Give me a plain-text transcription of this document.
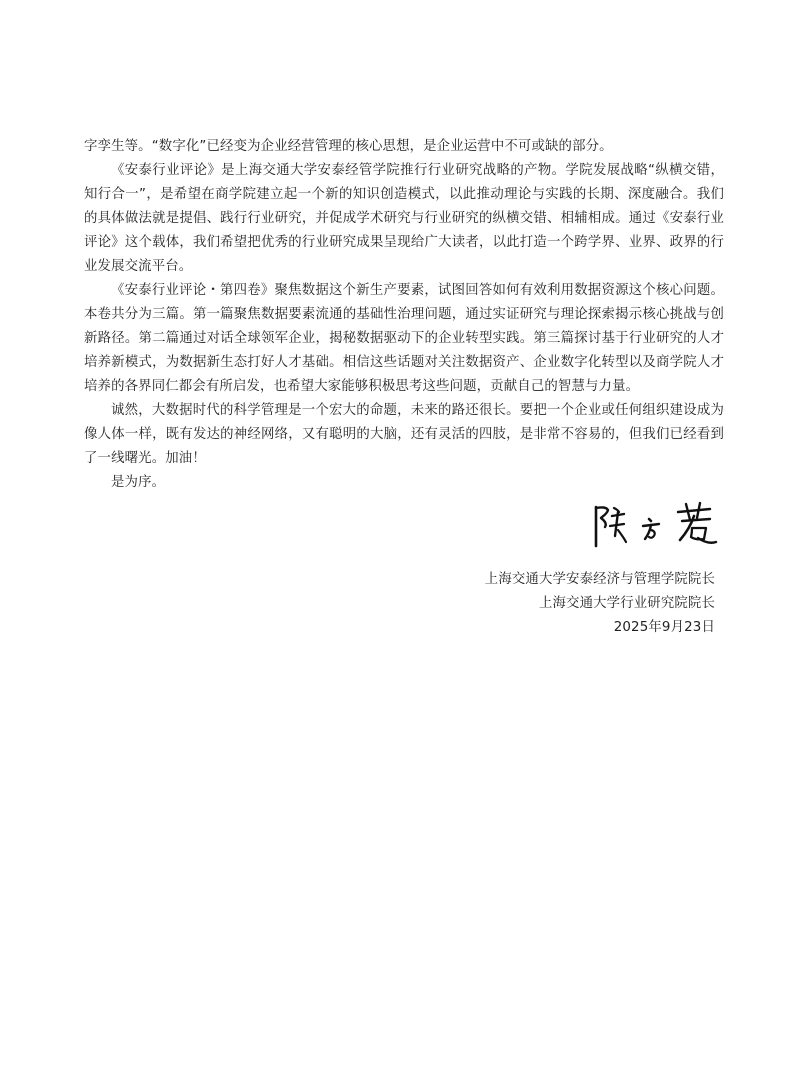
字孪生等。“数字化”已经变为企业经营管理的核心思想，是企业运营中不可或缺的部分。

《安泰行业评论》是上海交通大学安泰经管学院推行行业研究战略的产物。学院发展战略“纵横交错，知行合一”，是希望在商学院建立起一个新的知识创造模式，以此推动理论与实践的长期、深度融合。我们的具体做法就是提倡、践行行业研究，并促成学术研究与行业研究的纵横交错、相辅相成。通过《安泰行业评论》这个载体，我们希望把优秀的行业研究成果呈现给广大读者，以此打造一个跨学界、业界、政界的行业发展交流平台。

《安泰行业评论・第四卷》聚焦数据这个新生产要素，试图回答如何有效利用数据资源这个核心问题。本卷共分为三篇。第一篇聚焦数据要素流通的基础性治理问题，通过实证研究与理论探索揭示核心挑战与创新路径。第二篇通过对话全球领军企业，揭秘数据驱动下的企业转型实践。第三篇探讨基于行业研究的人才培养新模式，为数据新生态打好人才基础。相信这些话题对关注数据资产、企业数字化转型以及商学院人才培养的各界同仁都会有所启发，也希望大家能够积极思考这些问题，贡献自己的智慧与力量。

诚然，大数据时代的科学管理是一个宏大的命题，未来的路还很长。要把一个企业或任何组织建设成为像人体一样，既有发达的神经网络，又有聪明的大脑，还有灵活的四肢，是非常不容易的，但我们已经看到了一线曙光。加油！

是为序。

上海交通大学安泰经济与管理学院院长
上海交通大学行业研究院院长
2025年9月23日
